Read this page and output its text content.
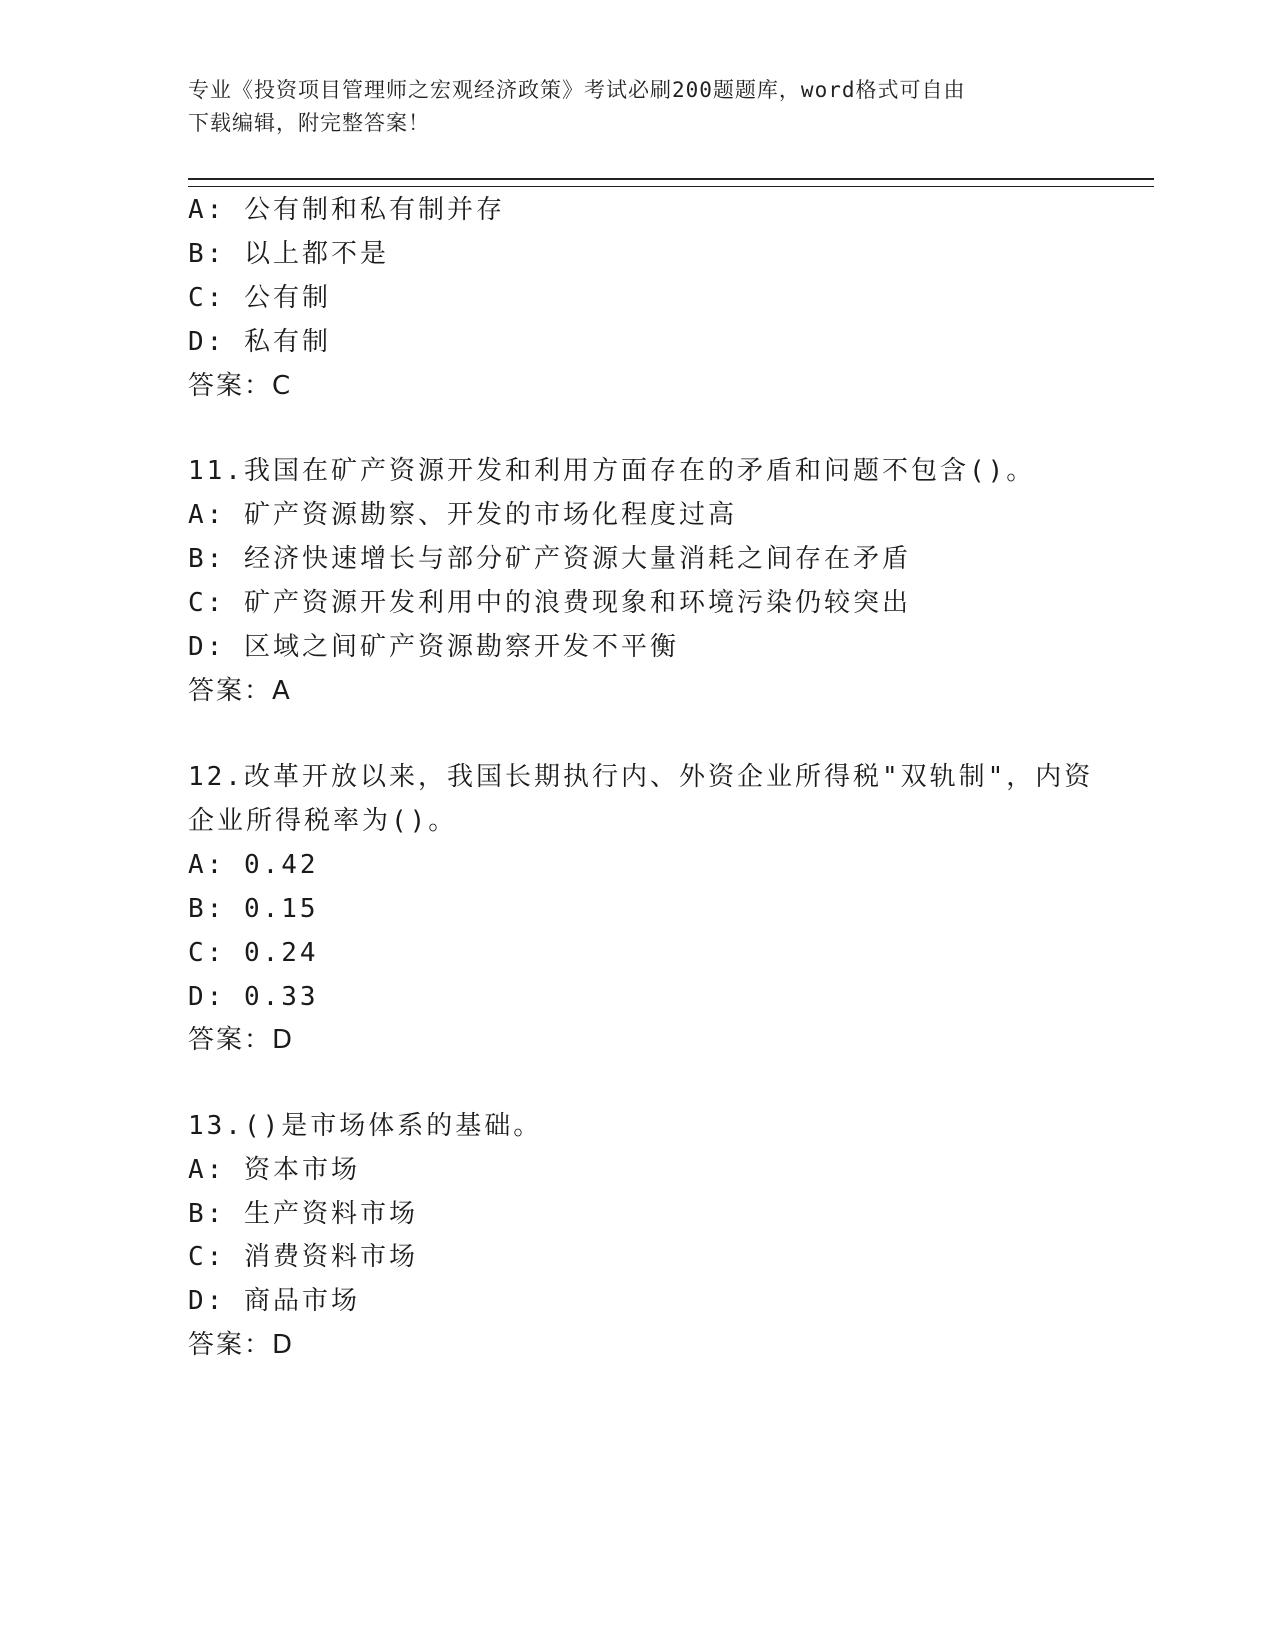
专业《投资项目管理师之宏观经济政策》考试必刷200题题库，word格式可自由
下载编辑，附完整答案！
A: 公有制和私有制并存
B: 以上都不是
C: 公有制
D: 私有制
答案：C
11.我国在矿产资源开发和利用方面存在的矛盾和问题不包含()。
A: 矿产资源勘察、开发的市场化程度过高
B: 经济快速增长与部分矿产资源大量消耗之间存在矛盾
C: 矿产资源开发利用中的浪费现象和环境污染仍较突出
D: 区域之间矿产资源勘察开发不平衡
答案：A
12.改革开放以来，我国长期执行内、外资企业所得税"双轨制"，内资
企业所得税率为()。
A: 0.42
B: 0.15
C: 0.24
D: 0.33
答案：D
13.()是市场体系的基础。
A: 资本市场
B: 生产资料市场
C: 消费资料市场
D: 商品市场
答案：D
